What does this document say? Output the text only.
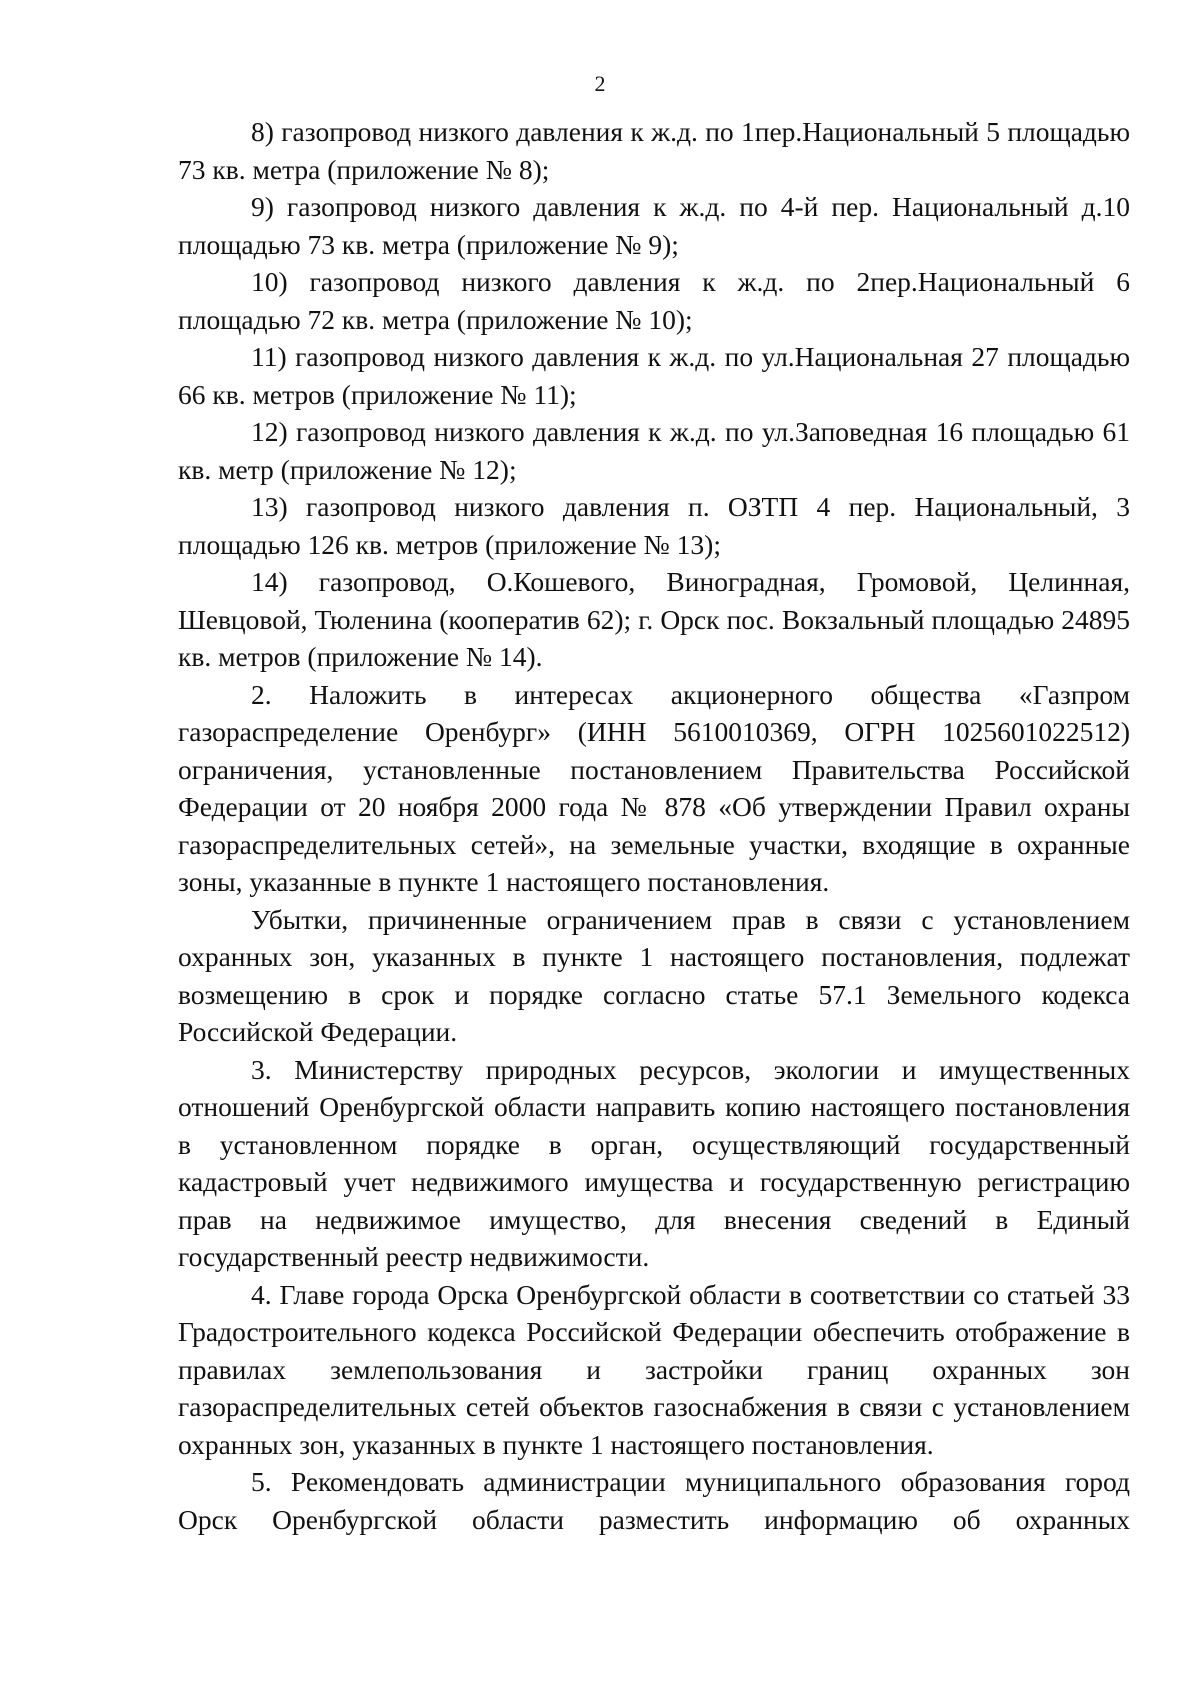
2

8) газопровод низкого давления к ж.д. по 1пер.Национальный 5 площадью 73 кв. метра (приложение № 8);

9) газопровод низкого давления к ж.д. по 4-й пер. Национальный д.10 площадью 73 кв. метра (приложение № 9);

10) газопровод низкого давления к ж.д. по 2пер.Национальный 6 площадью 72 кв. метра (приложение № 10);

11) газопровод низкого давления к ж.д. по ул.Национальная 27 площадью 66 кв. метров (приложение № 11);

12) газопровод низкого давления к ж.д. по ул.Заповедная 16 площадью 61 кв. метр (приложение № 12);

13) газопровод низкого давления п. ОЗТП 4 пер. Национальный, 3 площадью 126 кв. метров (приложение № 13);

14) газопровод, О.Кошевого, Виноградная, Громовой, Целинная, Шевцовой, Тюленина (кооператив 62); г. Орск пос. Вокзальный площадью 24895 кв. метров (приложение № 14).

2. Наложить в интересах акционерного общества «Газпром газораспределение Оренбург» (ИНН 5610010369, ОГРН 1025601022512) ограничения, установленные постановлением Правительства Российской Федерации от 20 ноября 2000 года № 878 «Об утверждении Правил охраны газораспределительных сетей», на земельные участки, входящие в охранные зоны, указанные в пункте 1 настоящего постановления.

Убытки, причиненные ограничением прав в связи с установлением охранных зон, указанных в пункте 1 настоящего постановления, подлежат возмещению в срок и порядке согласно статье 57.1 Земельного кодекса Российской Федерации.

3. Министерству природных ресурсов, экологии и имущественных отношений Оренбургской области направить копию настоящего постановления в установленном порядке в орган, осуществляющий государственный кадастровый учет недвижимого имущества и государственную регистрацию прав на недвижимое имущество, для внесения сведений в Единый государственный реестр недвижимости.

4. Главе города Орска Оренбургской области в соответствии со статьей 33 Градостроительного кодекса Российской Федерации обеспечить отображение в правилах землепользования и застройки границ охранных зон газораспределительных сетей объектов газоснабжения в связи с установлением охранных зон, указанных в пункте 1 настоящего постановления.

5. Рекомендовать администрации муниципального образования город Орск Оренбургской области разместить информацию об охранных
